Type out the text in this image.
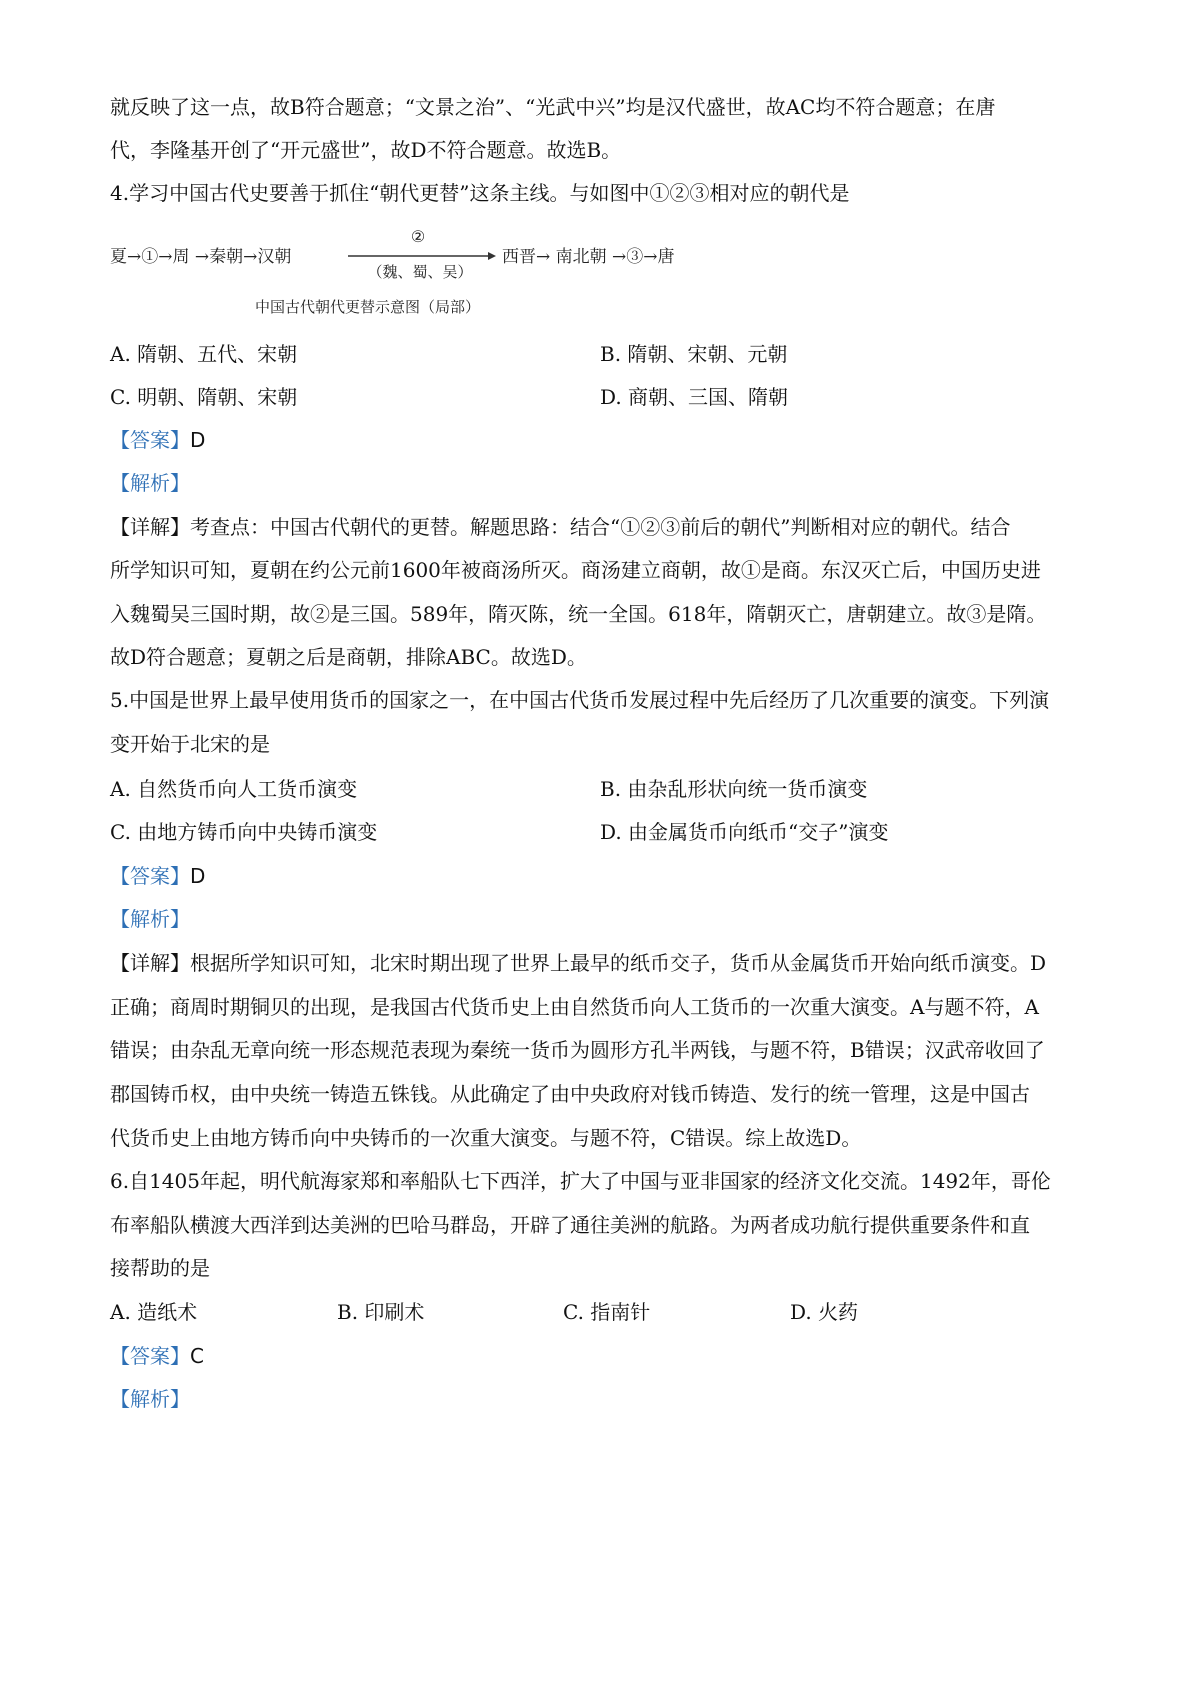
就反映了这一点，故B符合题意；“文景之治”、“光武中兴”均是汉代盛世，故AC均不符合题意；在唐
代，李隆基开创了“开元盛世”，故D不符合题意。故选B。
4.学习中国古代史要善于抓住“朝代更替”这条主线。与如图中①②③相对应的朝代是
夏→①→周 →秦朝→汉朝
②
（魏、蜀、吴）
西晋→ 南北朝 →③→唐
中国古代朝代更替示意图（局部）
A. 隋朝、五代、宋朝	B. 隋朝、宋朝、元朝
C. 明朝、隋朝、宋朝	D. 商朝、三国、隋朝
【答案】D
【解析】
【详解】考查点：中国古代朝代的更替。解题思路：结合“①②③前后的朝代”判断相对应的朝代。结合
所学知识可知，夏朝在约公元前1600年被商汤所灭。商汤建立商朝，故①是商。东汉灭亡后，中国历史进
入魏蜀吴三国时期，故②是三国。589年，隋灭陈，统一全国。618年，隋朝灭亡，唐朝建立。故③是隋。
故D符合题意；夏朝之后是商朝，排除ABC。故选D。
5.中国是世界上最早使用货币的国家之一，在中国古代货币发展过程中先后经历了几次重要的演变。下列演
变开始于北宋的是
A. 自然货币向人工货币演变	B. 由杂乱形状向统一货币演变
C. 由地方铸币向中央铸币演变	D. 由金属货币向纸币“交子”演变
【答案】D
【解析】
【详解】根据所学知识可知，北宋时期出现了世界上最早的纸币交子，货币从金属货币开始向纸币演变。D
正确；商周时期铜贝的出现，是我国古代货币史上由自然货币向人工货币的一次重大演变。A与题不符，A
错误；由杂乱无章向统一形态规范表现为秦统一货币为圆形方孔半两钱，与题不符，B错误；汉武帝收回了
郡国铸币权，由中央统一铸造五铢钱。从此确定了由中央政府对钱币铸造、发行的统一管理，这是中国古
代货币史上由地方铸币向中央铸币的一次重大演变。与题不符，C错误。综上故选D。
6.自1405年起，明代航海家郑和率船队七下西洋，扩大了中国与亚非国家的经济文化交流。1492年，哥伦
布率船队横渡大西洋到达美洲的巴哈马群岛，开辟了通往美洲的航路。为两者成功航行提供重要条件和直
接帮助的是
A. 造纸术	B. 印刷术	C. 指南针	D. 火药
【答案】C
【解析】
